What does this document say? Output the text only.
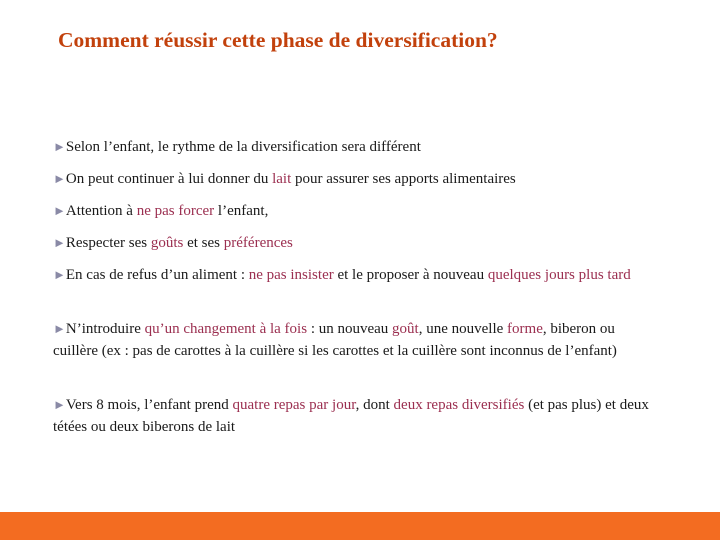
Comment réussir cette phase de diversification?
►Selon l’enfant, le rythme de la diversification sera différent
►On peut continuer à lui donner du lait pour assurer ses apports alimentaires
►Attention à ne pas forcer l’enfant,
►Respecter ses goûts et ses préférences
►En cas de refus d’un aliment : ne pas insister et le proposer à nouveau quelques jours plus tard
►N’introduire qu’un changement à la fois : un nouveau goût, une nouvelle forme, biberon ou cuillère (ex : pas de carottes à la cuillère si les carottes et la cuillère sont inconnus de l’enfant)
►Vers 8 mois, l’enfant prend quatre repas par jour, dont deux repas diversifiés (et pas plus) et deux tétées ou deux biberons de lait
